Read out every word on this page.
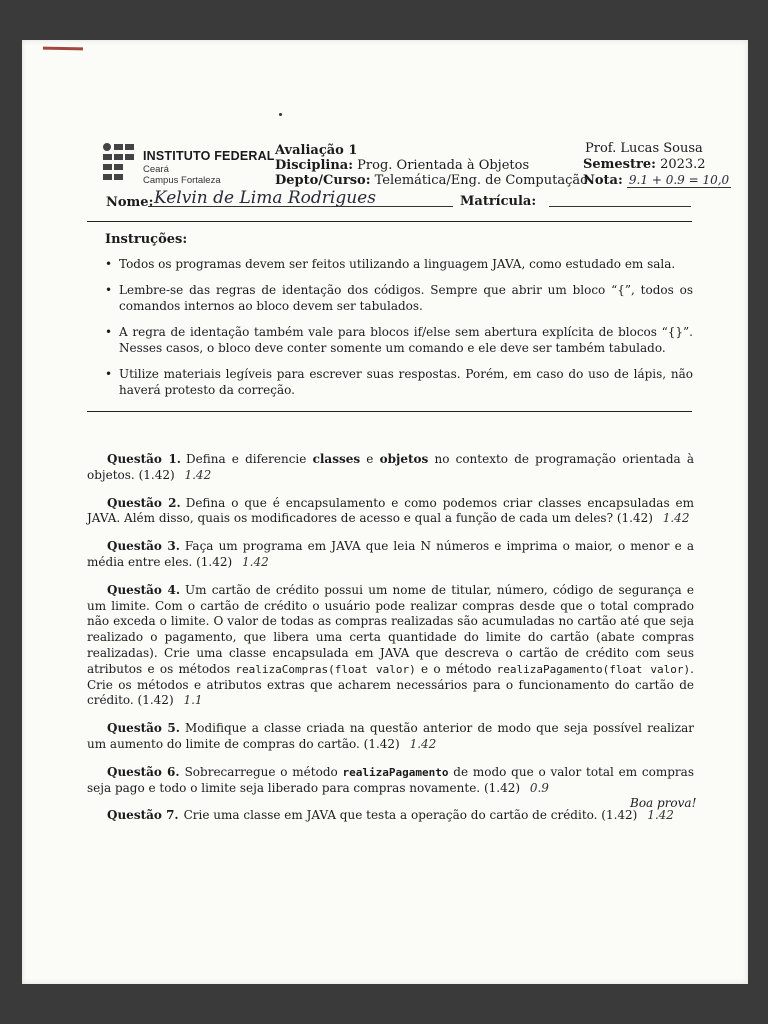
INSTITUTO FEDERAL
Ceará
Campus Fortaleza
Avaliação 1
Disciplina: Prog. Orientada à Objetos
Depto/Curso: Telemática/Eng. de Computação
Prof. Lucas Sousa
Semestre: 2023.2
Nota: 9.1 + 0.9 = 10,0
Nome: Kelvin de Lima Rodrigues	Matrícula:
Instruções:
• Todos os programas devem ser feitos utilizando a linguagem JAVA, como estudado em sala.
• Lembre-se das regras de identação dos códigos. Sempre que abrir um bloco “{”, todos os comandos internos ao bloco devem ser tabulados.
• A regra de identação também vale para blocos if/else sem abertura explícita de blocos “{}”. Nesses casos, o bloco deve conter somente um comando e ele deve ser também tabulado.
• Utilize materiais legíveis para escrever suas respostas. Porém, em caso do uso de lápis, não haverá protesto da correção.

Questão 1. Defina e diferencie classes e objetos no contexto de programação orientada à objetos. (1.42) 1.42

Questão 2. Defina o que é encapsulamento e como podemos criar classes encapsuladas em JAVA. Além disso, quais os modificadores de acesso e qual a função de cada um deles? (1.42) 1.42

Questão 3. Faça um programa em JAVA que leia N números e imprima o maior, o menor e a média entre eles. (1.42) 1.42

Questão 4. Um cartão de crédito possui um nome de titular, número, código de segurança e um limite. Com o cartão de crédito o usuário pode realizar compras desde que o total comprado não exceda o limite. O valor de todas as compras realizadas são acumuladas no cartão até que seja realizado o pagamento, que libera uma certa quantidade do limite do cartão (abate compras realizadas). Crie uma classe encapsulada em JAVA que descreva o cartão de crédito com seus atributos e os métodos realizaCompras(float valor) e o método realizaPagamento(float valor). Crie os métodos e atributos extras que acharem necessários para o funcionamento do cartão de crédito. (1.42) 1.1

Questão 5. Modifique a classe criada na questão anterior de modo que seja possível realizar um aumento do limite de compras do cartão. (1.42) 1.42

Questão 6. Sobrecarregue o método realizaPagamento de modo que o valor total em compras seja pago e todo o limite seja liberado para compras novamente. (1.42) 0.9

Questão 7. Crie uma classe em JAVA que testa a operação do cartão de crédito. (1.42) 1.42

Boa prova!
